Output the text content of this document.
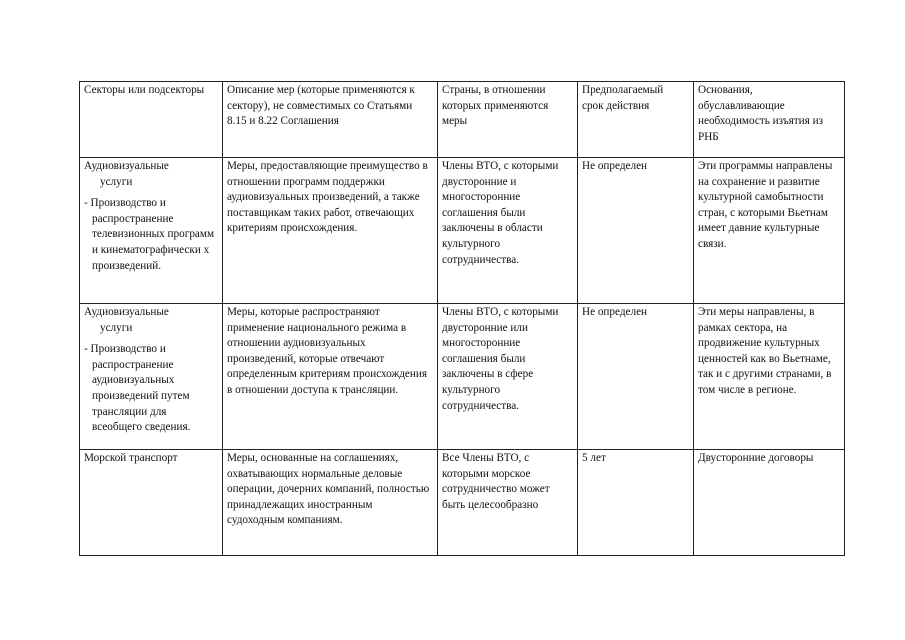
Секторы или подсекторы	Описание мер (которые применяются к сектору), не совместимых со Статьями 8.15 и 8.22 Соглашения	Страны, в отношении которых применяются меры	Предполагаемый срок действия	Основания, обуславливающие необходимость изъятия из РНБ

Аудиовизуальные
услуги
- Производство и распространение телевизионных программ и кинематографически х произведений.	Меры, предоставляющие преимущество в отношении программ поддержки аудиовизуальных произведений, а также поставщикам таких работ, отвечающих критериям происхождения.	Члены ВТО, с которыми двусторонние и многосторонние соглашения были заключены в области культурного сотрудничества.	Не определен	Эти программы направлены на сохранение и развитие культурной самобытности стран, с которыми Вьетнам имеет давние культурные связи.

Аудиовизуальные
услуги
- Производство и распространение аудиовизуальных произведений путем трансляции для всеобщего сведения.	Меры, которые распространяют применение национального режима в отношении аудиовизуальных произведений, которые отвечают определенным критериям происхождения в отношении доступа к трансляции.	Члены ВТО, с которыми двусторонние или многосторонние соглашения были заключены в сфере культурного сотрудничества.	Не определен	Эти меры направлены, в рамках сектора, на продвижение культурных ценностей как во Вьетнаме, так и с другими странами, в том числе в регионе.
Морской транспорт	Меры, основанные на соглашениях, охватывающих нормальные деловые операции, дочерних компаний, полностью принадлежащих иностранным судоходным компаниям.	Все Члены ВТО, с которыми морское сотрудничество может быть целесообразно	5 лет	Двусторонние договоры
